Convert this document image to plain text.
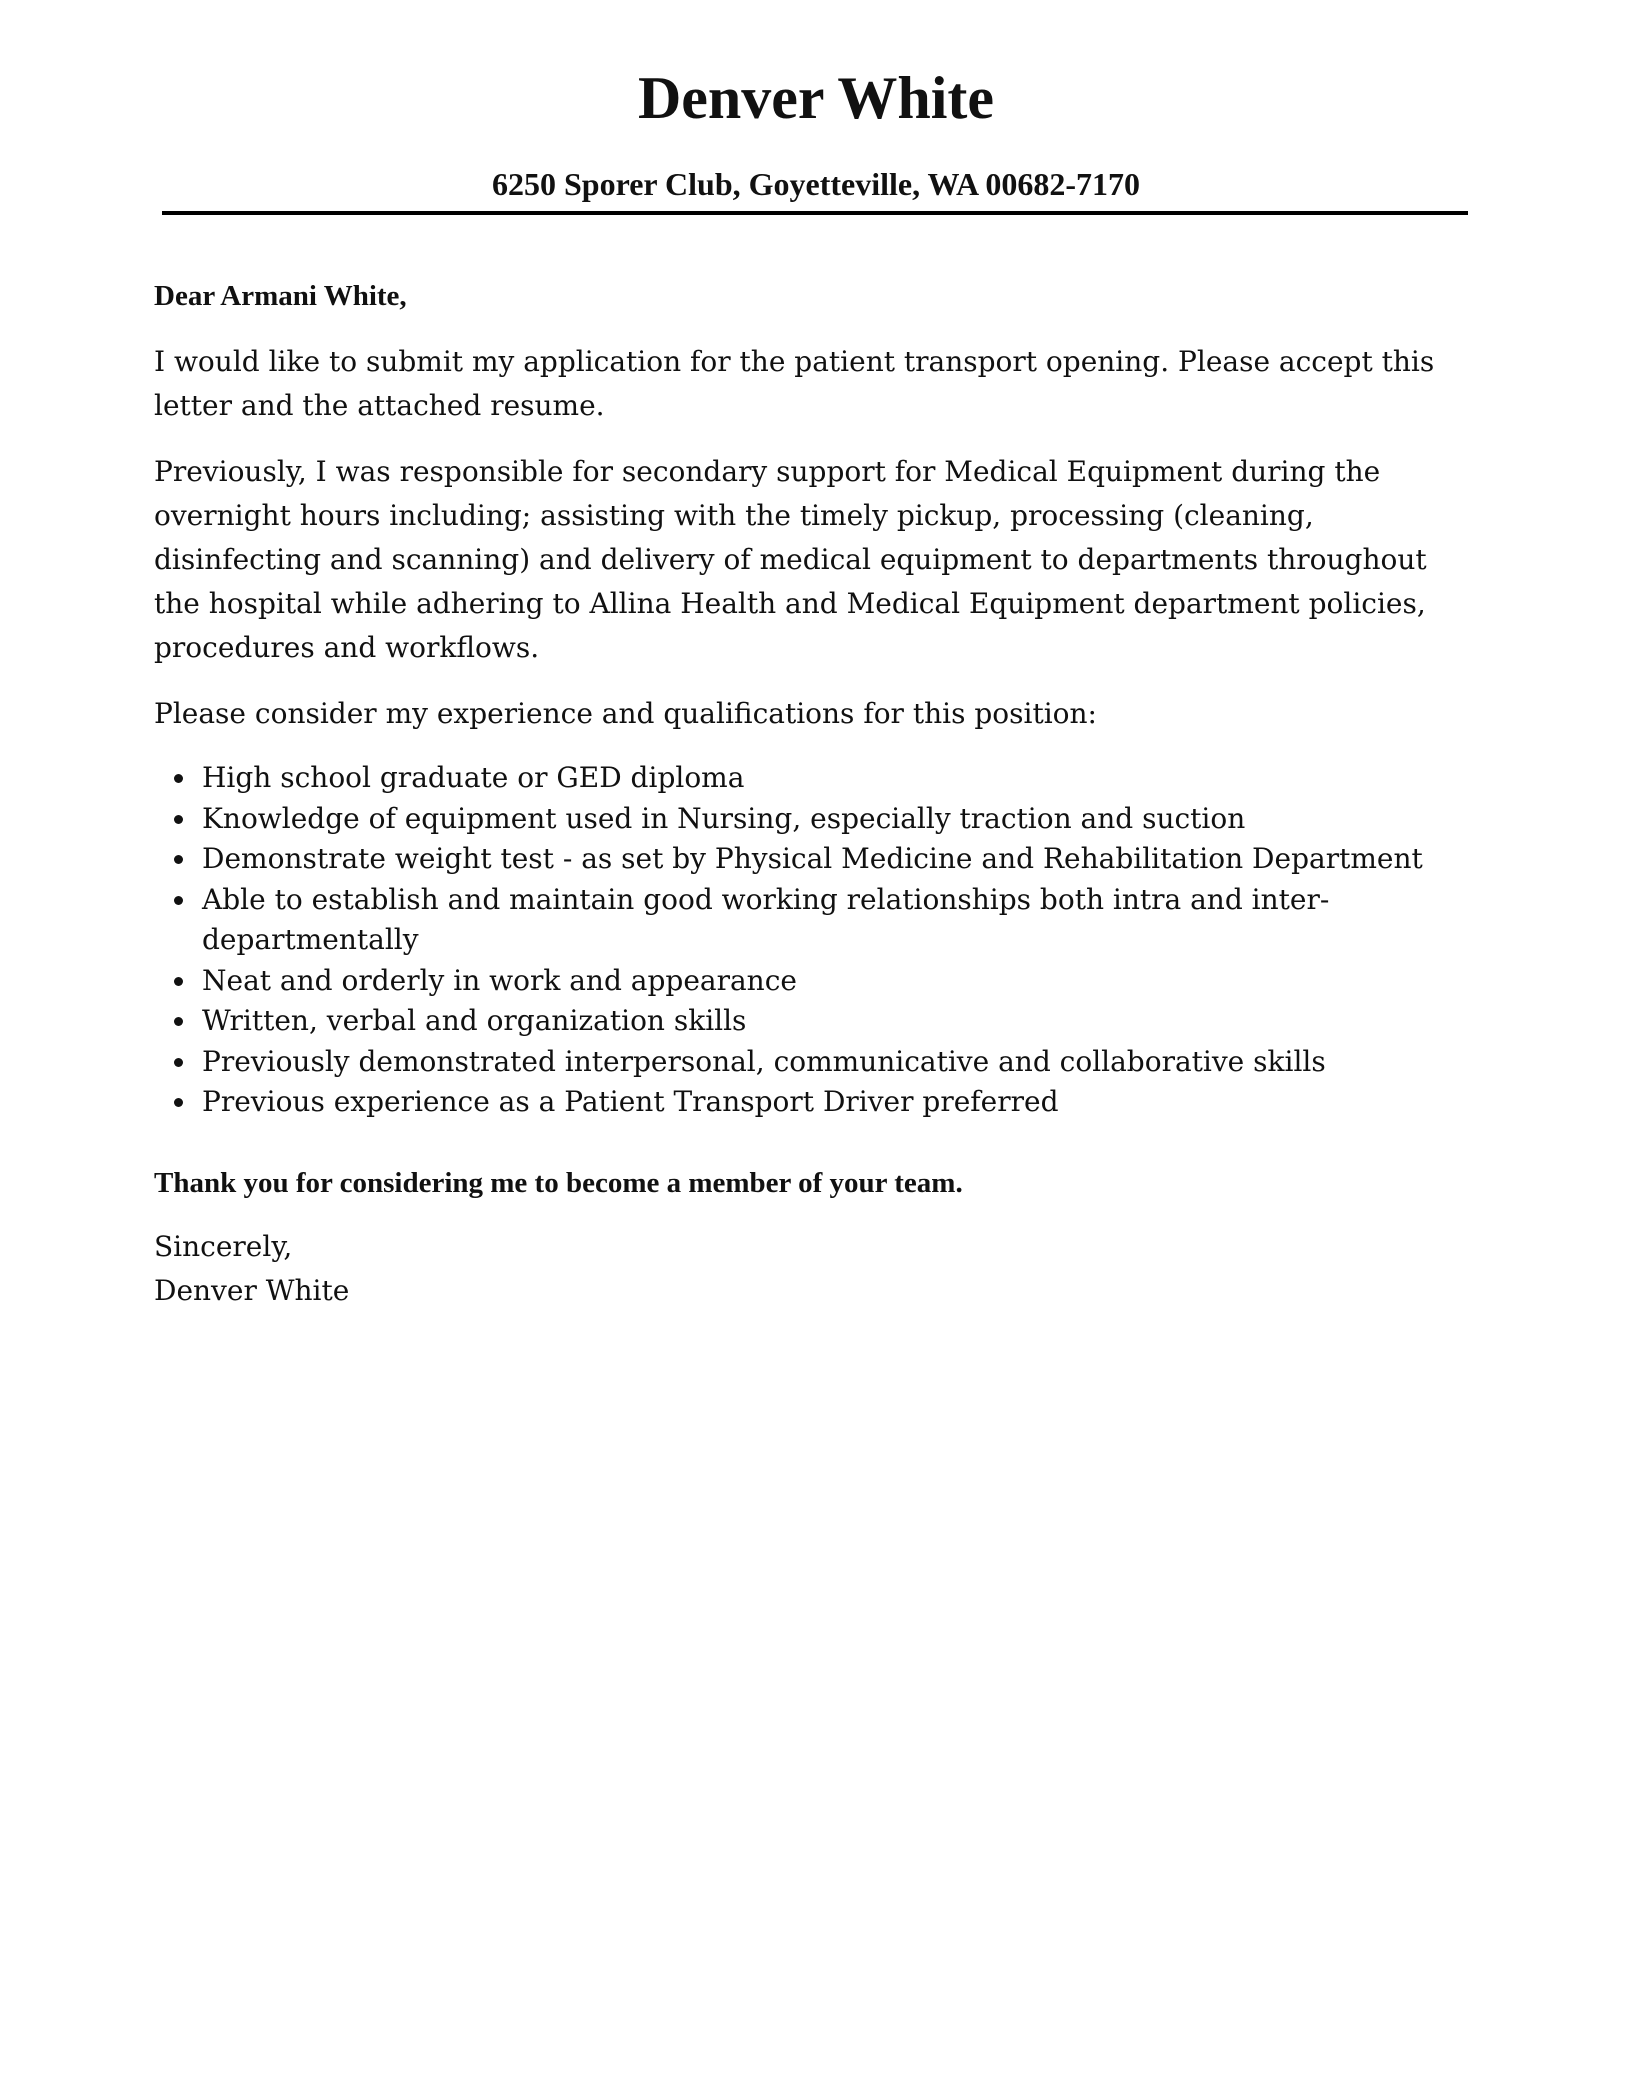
Denver White
6250 Sporer Club, Goyetteville, WA 00682-7170

Dear Armani White,

I would like to submit my application for the patient transport opening. Please accept this letter and the attached resume.

Previously, I was responsible for secondary support for Medical Equipment during the overnight hours including; assisting with the timely pickup, processing (cleaning, disinfecting and scanning) and delivery of medical equipment to departments throughout the hospital while adhering to Allina Health and Medical Equipment department policies, procedures and workflows.

Please consider my experience and qualifications for this position:

High school graduate or GED diploma
Knowledge of equipment used in Nursing, especially traction and suction
Demonstrate weight test - as set by Physical Medicine and Rehabilitation Department
Able to establish and maintain good working relationships both intra and inter-departmentally
Neat and orderly in work and appearance
Written, verbal and organization skills
Previously demonstrated interpersonal, communicative and collaborative skills
Previous experience as a Patient Transport Driver preferred

Thank you for considering me to become a member of your team.

Sincerely,

Denver White
